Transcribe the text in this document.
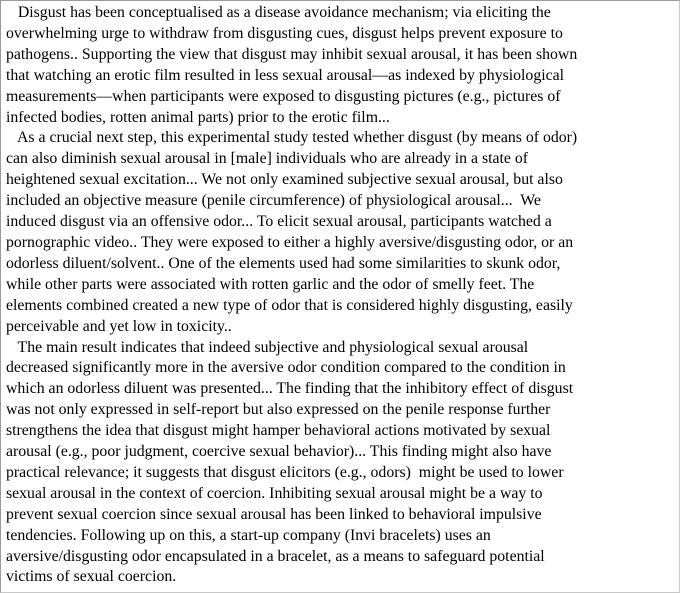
Disgust has been conceptualised as a disease avoidance mechanism; via eliciting the
overwhelming urge to withdraw from disgusting cues, disgust helps prevent exposure to
pathogens.. Supporting the view that disgust may inhibit sexual arousal, it has been shown
that watching an erotic film resulted in less sexual arousal—as indexed by physiological
measurements—when participants were exposed to disgusting pictures (e.g., pictures of
infected bodies, rotten animal parts) prior to the erotic film...

As a crucial next step, this experimental study tested whether disgust (by means of odor)
can also diminish sexual arousal in [male] individuals who are already in a state of
heightened sexual excitation... We not only examined subjective sexual arousal, but also
included an objective measure (penile circumference) of physiological arousal...  We
induced disgust via an offensive odor... To elicit sexual arousal, participants watched a
pornographic video.. They were exposed to either a highly aversive/disgusting odor, or an
odorless diluent/solvent.. One of the elements used had some similarities to skunk odor,
while other parts were associated with rotten garlic and the odor of smelly feet. The
elements combined created a new type of odor that is considered highly disgusting, easily
perceivable and yet low in toxicity..

The main result indicates that indeed subjective and physiological sexual arousal
decreased significantly more in the aversive odor condition compared to the condition in
which an odorless diluent was presented... The finding that the inhibitory effect of disgust
was not only expressed in self-report but also expressed on the penile response further
strengthens the idea that disgust might hamper behavioral actions motivated by sexual
arousal (e.g., poor judgment, coercive sexual behavior)... This finding might also have
practical relevance; it suggests that disgust elicitors (e.g., odors)  might be used to lower
sexual arousal in the context of coercion. Inhibiting sexual arousal might be a way to
prevent sexual coercion since sexual arousal has been linked to behavioral impulsive
tendencies. Following up on this, a start-up company (Invi bracelets) uses an
aversive/disgusting odor encapsulated in a bracelet, as a means to safeguard potential
victims of sexual coercion.
